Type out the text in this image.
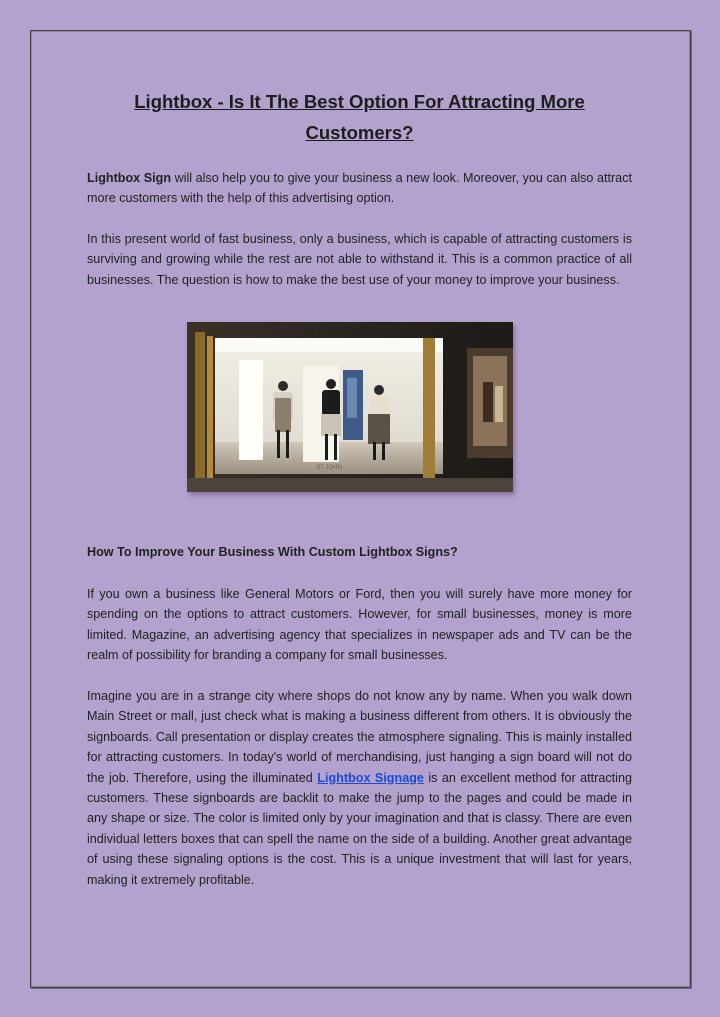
Lightbox - Is It The Best Option For Attracting More Customers?

Lightbox Sign will also help you to give your business a new look. Moreover, you can also attract more customers with the help of this advertising option.

In this present world of fast business, only a business, which is capable of attracting customers is surviving and growing while the rest are not able to withstand it. This is a common practice of all businesses. The question is how to make the best use of your money to improve your business.

ST JOHN

How To Improve Your Business With Custom Lightbox Signs?

If you own a business like General Motors or Ford, then you will surely have more money for spending on the options to attract customers. However, for small businesses, money is more limited. Magazine, an advertising agency that specializes in newspaper ads and TV can be the realm of possibility for branding a company for small businesses.

Imagine you are in a strange city where shops do not know any by name. When you walk down Main Street or mall, just check what is making a business different from others. It is obviously the signboards. Call presentation or display creates the atmosphere signaling. This is mainly installed for attracting customers. In today's world of merchandising, just hanging a sign board will not do the job. Therefore, using the illuminated Lightbox Signage is an excellent method for attracting customers. These signboards are backlit to make the jump to the pages and could be made in any shape or size. The color is limited only by your imagination and that is classy. There are even individual letters boxes that can spell the name on the side of a building. Another great advantage of using these signaling options is the cost. This is a unique investment that will last for years, making it extremely profitable.
